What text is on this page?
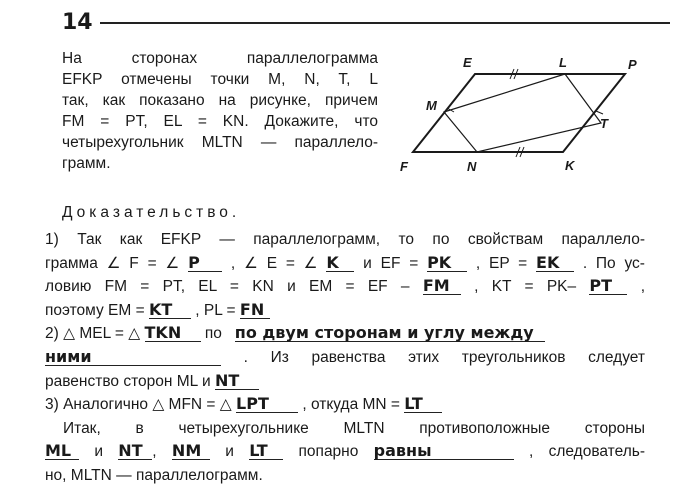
14
На сторонах параллелограмма
EFKP отмечены точки M, N, T, L
так, как показано на рисунке, причем
FM = PT, EL = KN. Докажите, что
четырехугольник MLTN — параллело-
грамм.
E	L	P
M
T
F	N	K
Доказательство.
1) Так как EFKP — параллелограмм, то по свойствам параллело-
грамма ∠ F = ∠ P , ∠ E = ∠ K и EF = PK , EP = EK . По ус-
ловию FM = PT, EL = KN и EM = EF – FM , KT = PK– PT ,
поэтому EM = KT , PL = FN
2) △ MEL = △ TKN по по двум сторонам и углу между
ними	. Из равенства этих треугольников следует
равенство сторон ML и NT
3) Аналогично △ MFN = △ LPT , откуда MN = LT
Итак, в четырехугольнике MLTN противоположные стороны
ML и NT , NM и LT попарно равны	, следователь-
но, MLTN — параллелограмм.
